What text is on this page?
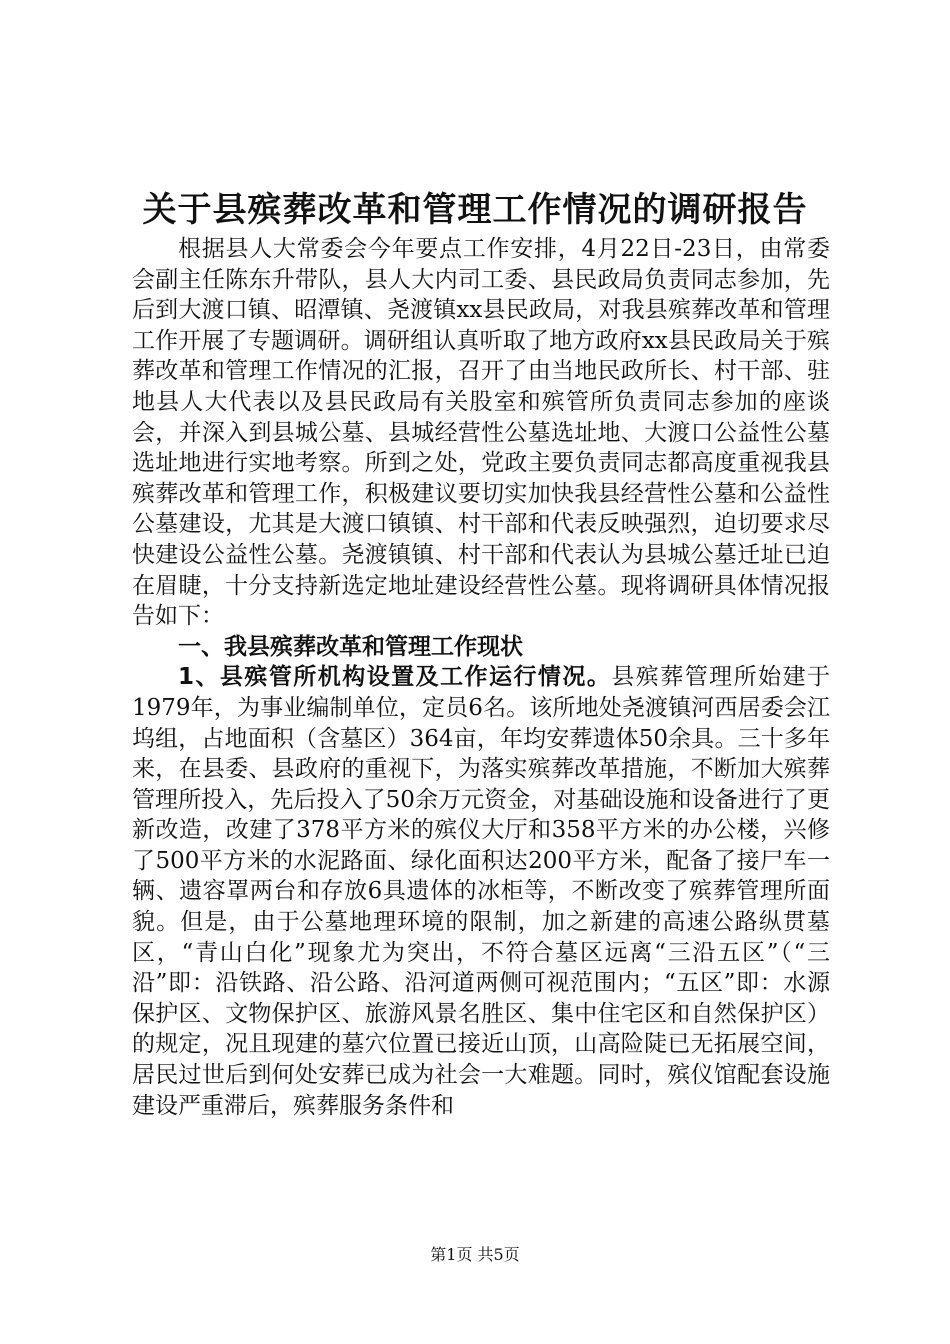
关于县殡葬改革和管理工作情况的调研报告

根据县人大常委会今年要点工作安排，4月22日-23日，由常委会副主任陈东升带队，县人大内司工委、县民政局负责同志参加，先后到大渡口镇、昭潭镇、尧渡镇xx县民政局，对我县殡葬改革和管理工作开展了专题调研。调研组认真听取了地方政府xx县民政局关于殡葬改革和管理工作情况的汇报，召开了由当地民政所长、村干部、驻地县人大代表以及县民政局有关股室和殡管所负责同志参加的座谈会，并深入到县城公墓、县城经营性公墓选址地、大渡口公益性公墓选址地进行实地考察。所到之处，党政主要负责同志都高度重视我县殡葬改革和管理工作，积极建议要切实加快我县经营性公墓和公益性公墓建设，尤其是大渡口镇镇、村干部和代表反映强烈，迫切要求尽快建设公益性公墓。尧渡镇镇、村干部和代表认为县城公墓迁址已迫在眉睫，十分支持新选定地址建设经营性公墓。现将调研具体情况报告如下：

一、我县殡葬改革和管理工作现状

1、县殡管所机构设置及工作运行情况。县殡葬管理所始建于1979年，为事业编制单位，定员6名。该所地处尧渡镇河西居委会江坞组，占地面积（含墓区）364亩，年均安葬遗体50余具。三十多年来，在县委、县政府的重视下，为落实殡葬改革措施，不断加大殡葬管理所投入，先后投入了50余万元资金，对基础设施和设备进行了更新改造，改建了378平方米的殡仪大厅和358平方米的办公楼，兴修了500平方米的水泥路面、绿化面积达200平方米，配备了接尸车一辆、遗容罩两台和存放6具遗体的冰柜等，不断改变了殡葬管理所面貌。但是，由于公墓地理环境的限制，加之新建的高速公路纵贯墓区，“青山白化”现象尤为突出，不符合墓区远离“三沿五区”（“三沿”即：沿铁路、沿公路、沿河道两侧可视范围内；“五区”即：水源保护区、文物保护区、旅游风景名胜区、集中住宅区和自然保护区）的规定，况且现建的墓穴位置已接近山顶，山高险陡已无拓展空间，居民过世后到何处安葬已成为社会一大难题。同时，殡仪馆配套设施建设严重滞后，殡葬服务条件和

第1页 共5页
